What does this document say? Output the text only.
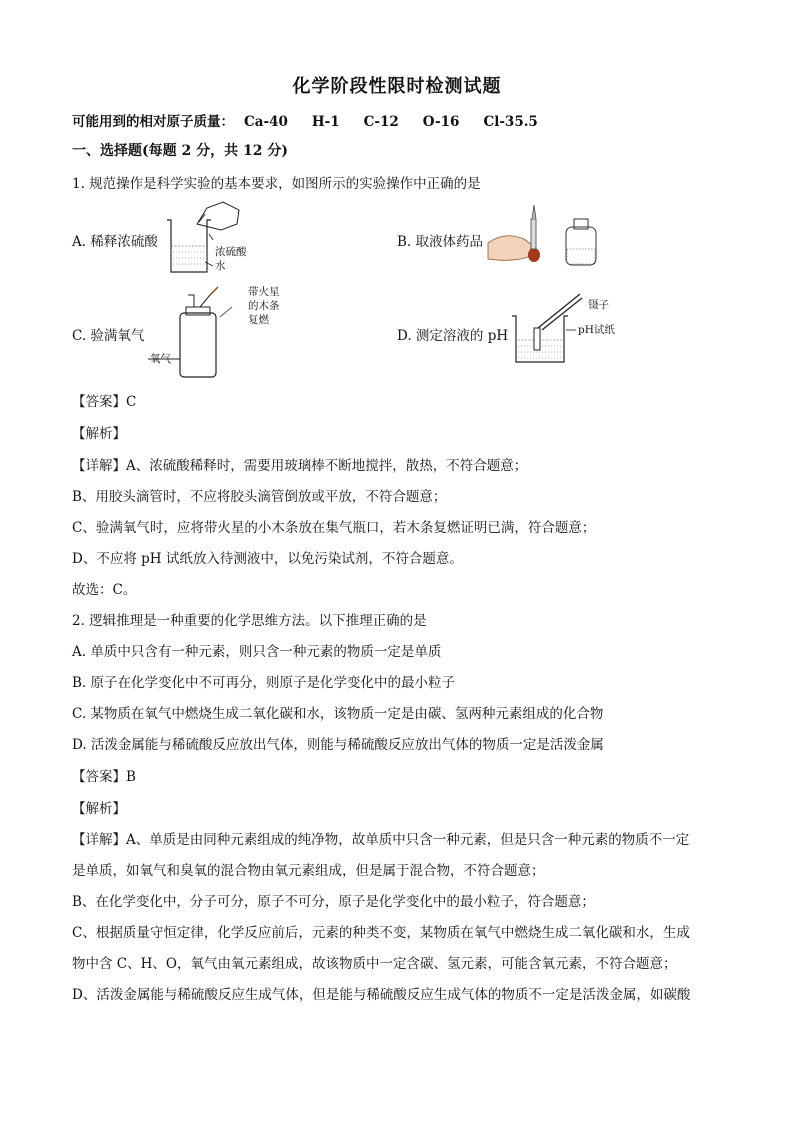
化学阶段性限时检测试题
可能用到的相对原子质量： Ca-40 H-1 C-12 O-16 Cl-35.5
一、选择题(每题 2 分，共 12 分)
1. 规范操作是科学实验的基本要求，如图所示的实验操作中正确的是
A. 稀释浓硫酸	B. 取液体药品
C. 验满氧气	D. 测定溶液的 pH
浓硫酸
水
氧气
带火星
的木条
复燃
镊子
pH试纸
【答案】C
【解析】
【详解】A、浓硫酸稀释时，需要用玻璃棒不断地搅拌，散热，不符合题意；
B、用胶头滴管时，不应将胶头滴管倒放或平放，不符合题意；
C、验满氧气时，应将带火星的小木条放在集气瓶口，若木条复燃证明已满，符合题意；
D、不应将 pH 试纸放入待测液中，以免污染试剂，不符合题意。
故选：C。
2. 逻辑推理是一种重要的化学思维方法。以下推理正确的是
A. 单质中只含有一种元素，则只含一种元素的物质一定是单质
B. 原子在化学变化中不可再分，则原子是化学变化中的最小粒子
C. 某物质在氧气中燃烧生成二氧化碳和水，该物质一定是由碳、氢两种元素组成的化合物
D. 活泼金属能与稀硫酸反应放出气体，则能与稀硫酸反应放出气体的物质一定是活泼金属
【答案】B
【解析】
【详解】A、单质是由同种元素组成的纯净物，故单质中只含一种元素，但是只含一种元素的物质不一定
是单质，如氧气和臭氧的混合物由氧元素组成，但是属于混合物，不符合题意；
B、在化学变化中，分子可分，原子不可分，原子是化学变化中的最小粒子，符合题意；
C、根据质量守恒定律，化学反应前后，元素的种类不变，某物质在氧气中燃烧生成二氧化碳和水，生成
物中含 C、H、O，氧气由氧元素组成，故该物质中一定含碳、氢元素，可能含氧元素，不符合题意；
D、活泼金属能与稀硫酸反应生成气体，但是能与稀硫酸反应生成气体的物质不一定是活泼金属，如碳酸
